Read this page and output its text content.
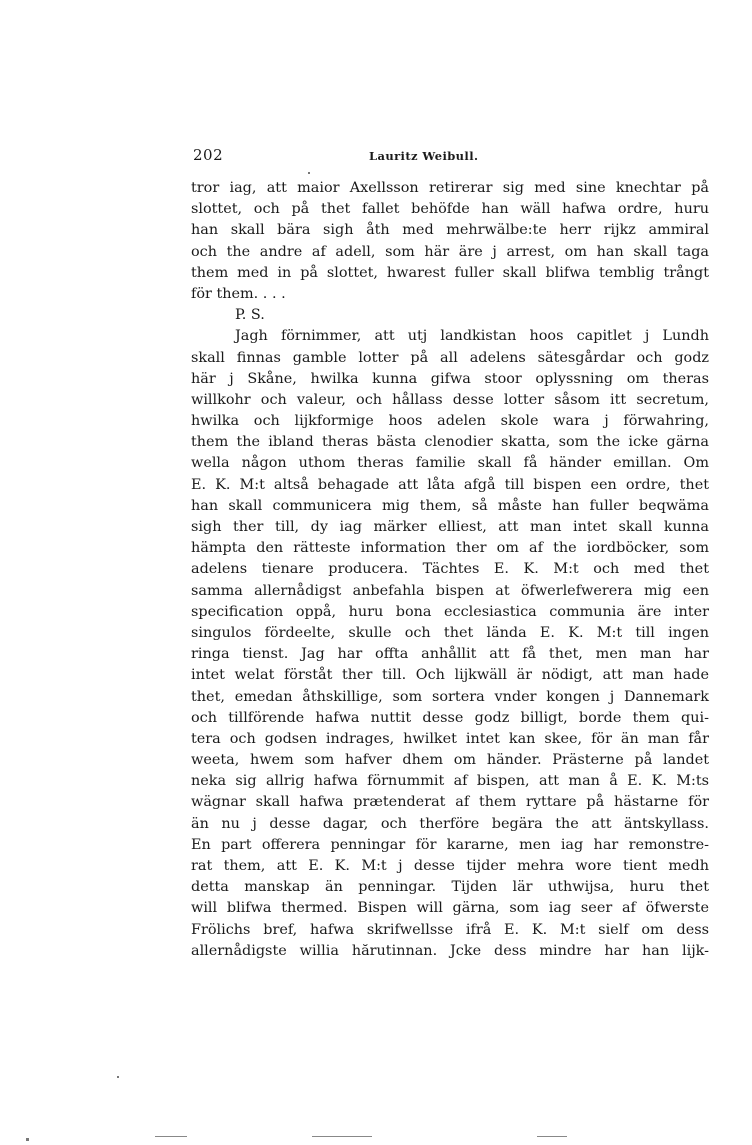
202	Lauritz Weibull.
tror iag, att maior Axellsson retirerar sig med sine knechtar på
slottet, och på thet fallet behöfde han wäll hafwa ordre, huru
han skall bära sigh åth med mehrwälbe:te herr rijkz ammiral
och the andre af adell, som här äre j arrest, om han skall taga
them med in på slottet, hwarest fuller skall blifwa temblig trångt
för them. . . .
P. S.
Jagh förnimmer, att utj landkistan hoos capitlet j Lundh
skall finnas gamble lotter på all adelens sätesgårdar och godz
här j Skåne, hwilka kunna gifwa stoor oplyssning om theras
willkohr och valeur, och hållass desse lotter såsom itt secretum,
hwilka och lijkformige hoos adelen skole wara j förwahring,
them the ibland theras bästa clenodier skatta, som the icke gärna
wella någon uthom theras familie skall få händer emillan. Om
E. K. M:t altså behagade att låta afgå till bispen een ordre, thet
han skall communicera mig them, så måste han fuller beqwäma
sigh ther till, dy iag märker elliest, att man intet skall kunna
hämpta den rätteste information ther om af the iordböcker, som
adelens tienare producera. Tächtes E. K. M:t och med thet
samma allernådigst anbefahla bispen at öfwerlefwerera mig een
specification oppå, huru bona ecclesiastica communia äre inter
singulos fördeelte, skulle och thet lända E. K. M:t till ingen
ringa tienst. Jag har offta anhållit att få thet, men man har
intet welat förståt ther till. Och lijkwäll är nödigt, att man hade
thet, emedan åthskillige, som sortera vnder kongen j Dannemark
och tillförende hafwa nuttit desse godz billigt, borde them qui-
tera och godsen indrages, hwilket intet kan skee, för än man får
weeta, hwem som hafver dhem om händer. Prästerne på landet
neka sig allrig hafwa förnummit af bispen, att man å E. K. M:ts
wägnar skall hafwa prætenderat af them ryttare på hästarne för
än nu j desse dagar, och therföre begära the att äntskyllass.
En part offerera penningar för kararne, men iag har remonstre-
rat them, att E. K. M:t j desse tijder mehra wore tient medh
detta manskap än penningar. Tijden lär uthwijsa, huru thet
will blifwa thermed. Bispen will gärna, som iag seer af öfwerste
Frölichs bref, hafwa skrifwellsse ifrå E. K. M:t sielf om dess
allernådigste willia hărutinnan. Jcke dess mindre har han lijk-
